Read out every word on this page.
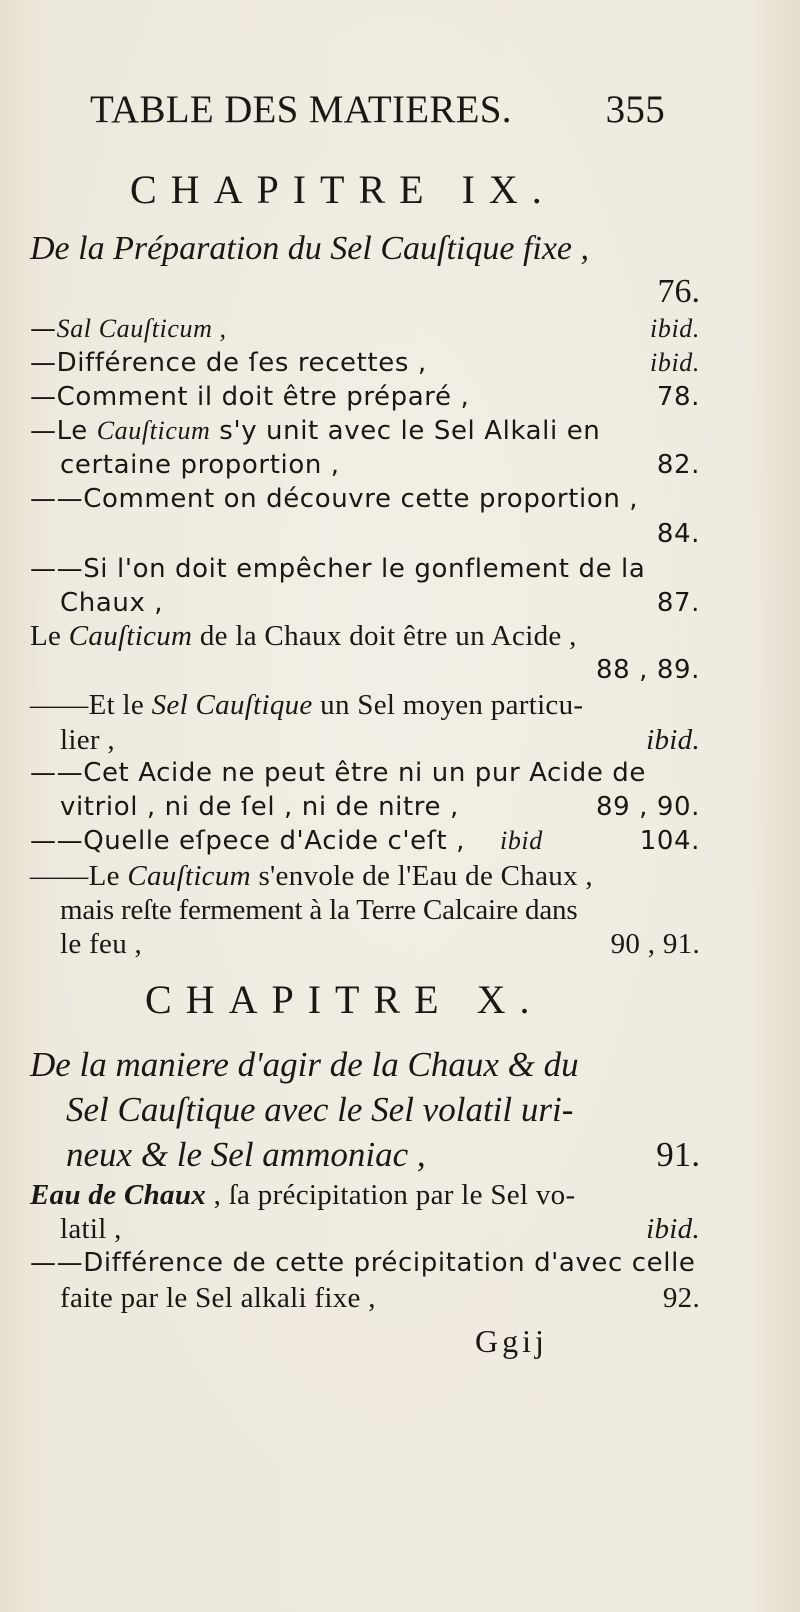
TABLE DES MATIERES. 355
CHAPITRE IX.
De la Préparation du Sel Cauſtique fixe ,
76.
—Sal Cauſticum ,	ibid.
—Différence de ſes recettes ,	ibid.
—Comment il doit être préparé ,	78.
—Le Cauſticum s'y unit avec le Sel Alkali en
certaine proportion ,	82.
——Comment on découvre cette proportion ,
84.
——Si l'on doit empêcher le gonflement de la
Chaux ,	87.
Le Cauſticum de la Chaux doit être un Acide ,
88 , 89.
——Et le Sel Cauſtique un Sel moyen particu-
lier ,	ibid.
——Cet Acide ne peut être ni un pur Acide de
vitriol , ni de ſel , ni de nitre ,	89 , 90.
——Quelle eſpece d'Acide c'eſt , ibid	104.
——Le Cauſticum s'envole de l'Eau de Chaux ,
mais reſte fermement à la Terre Calcaire dans
le feu ,	90 , 91.
CHAPITRE X.
De la maniere d'agir de la Chaux & du
Sel Cauſtique avec le Sel volatil uri-
neux & le Sel ammoniac ,	91.
Eau de Chaux , ſa précipitation par le Sel vo-
latil ,	ibid.
——Différence de cette précipitation d'avec celle
faite par le Sel alkali fixe ,	92.
Ggij
